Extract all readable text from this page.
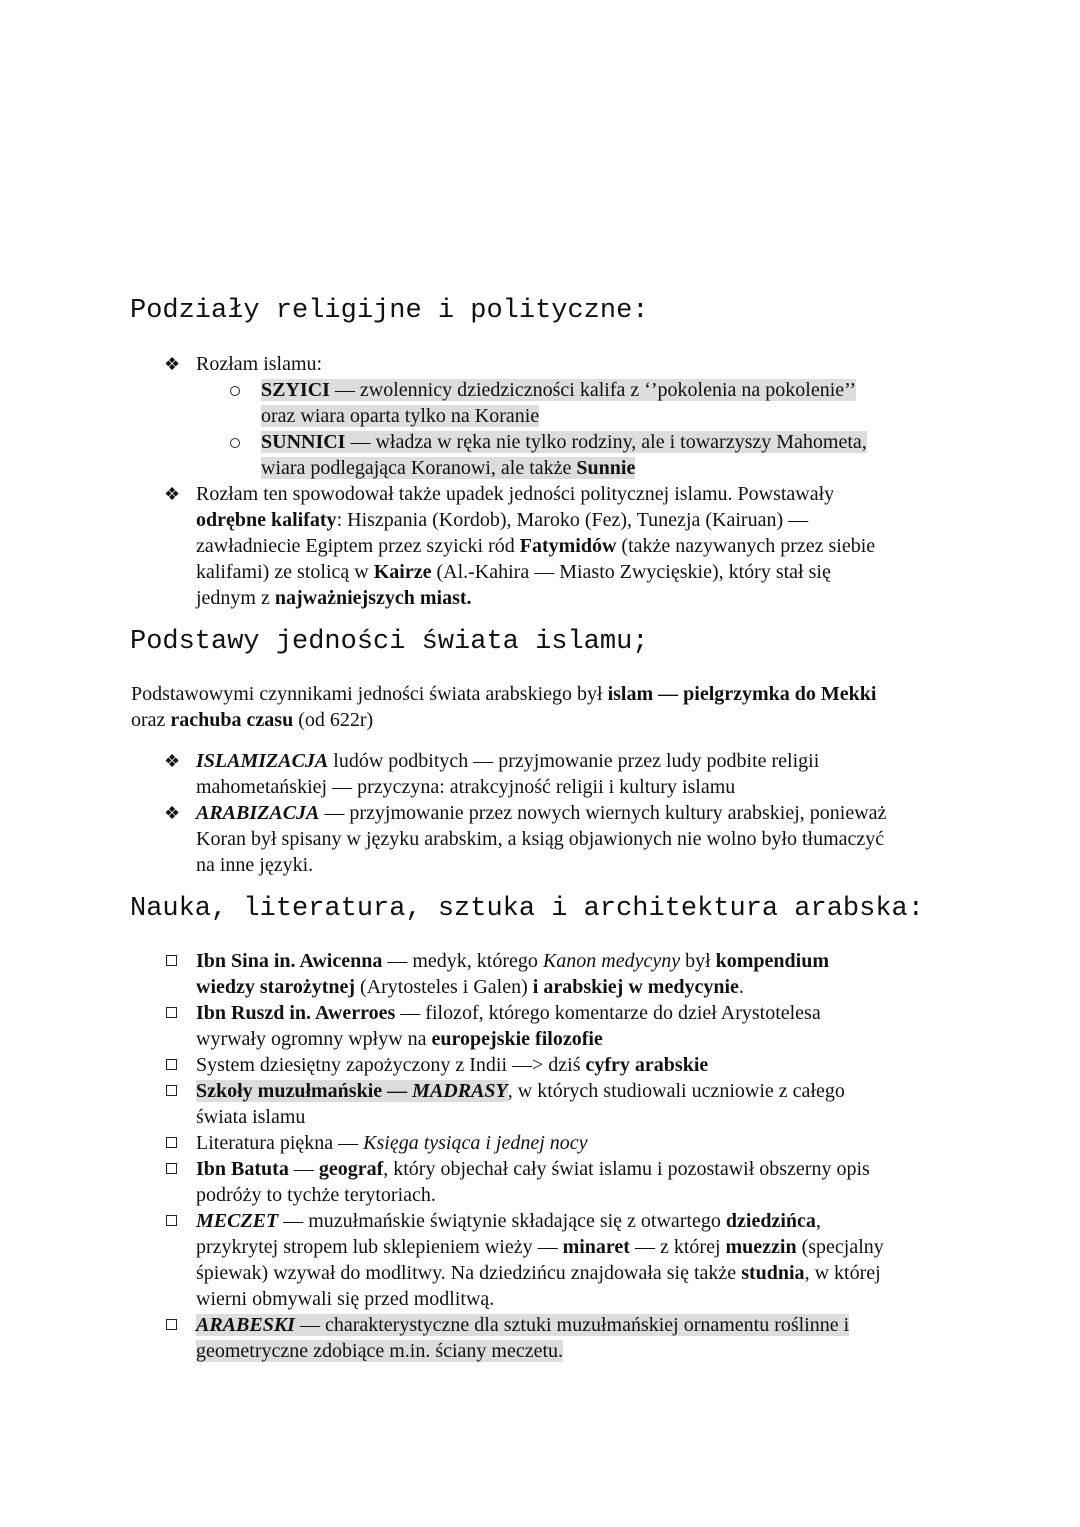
Podziały religijne i polityczne:
❖ Rozłam islamu:
SZYICI — zwolennicy dziedziczności kalifa z ‘’pokolenia na pokolenie’’
oraz wiara oparta tylko na Koranie
SUNNICI — władza w ręka nie tylko rodziny, ale i towarzyszy Mahometa,
wiara podlegająca Koranowi, ale także Sunnie
❖ Rozłam ten spowodował także upadek jedności politycznej islamu. Powstawały
odrębne kalifaty: Hiszpania (Kordob), Maroko (Fez), Tunezja (Kairuan) —
zawładniecie Egiptem przez szyicki ród Fatymidów (także nazywanych przez siebie
kalifami) ze stolicą w Kairze (Al.-Kahira — Miasto Zwycięskie), który stał się
jednym z najważniejszych miast.
Podstawy jedności świata islamu;
Podstawowymi czynnikami jedności świata arabskiego był islam — pielgrzymka do Mekki
oraz rachuba czasu (od 622r)
❖ ISLAMIZACJA ludów podbitych — przyjmowanie przez ludy podbite religii
mahometańskiej — przyczyna: atrakcyjność religii i kultury islamu
❖ ARABIZACJA — przyjmowanie przez nowych wiernych kultury arabskiej, ponieważ
Koran był spisany w języku arabskim, a ksiąg objawionych nie wolno było tłumaczyć
na inne języki.
Nauka, literatura, sztuka i architektura arabska:
Ibn Sina in. Awicenna — medyk, którego Kanon medycyny był kompendium
wiedzy starożytnej (Arytosteles i Galen) i arabskiej w medycynie.
Ibn Ruszd in. Awerroes — filozof, którego komentarze do dzieł Arystotelesa
wyrwały ogromny wpływ na europejskie filozofie
System dziesiętny zapożyczony z Indii —> dziś cyfry arabskie
Szkoły muzułmańskie — MADRASY, w których studiowali uczniowie z całego
świata islamu
Literatura piękna — Księga tysiąca i jednej nocy
Ibn Batuta — geograf, który objechał cały świat islamu i pozostawił obszerny opis
podróży to tychże terytoriach.
MECZET — muzułmańskie świątynie składające się z otwartego dziedzińca,
przykrytej stropem lub sklepieniem wieży — minaret — z której muezzin (specjalny
śpiewak) wzywał do modlitwy. Na dziedzińcu znajdowała się także studnia, w której
wierni obmywali się przed modlitwą.
ARABESKI — charakterystyczne dla sztuki muzułmańskiej ornamentu roślinne i
geometryczne zdobiące m.in. ściany meczetu.
